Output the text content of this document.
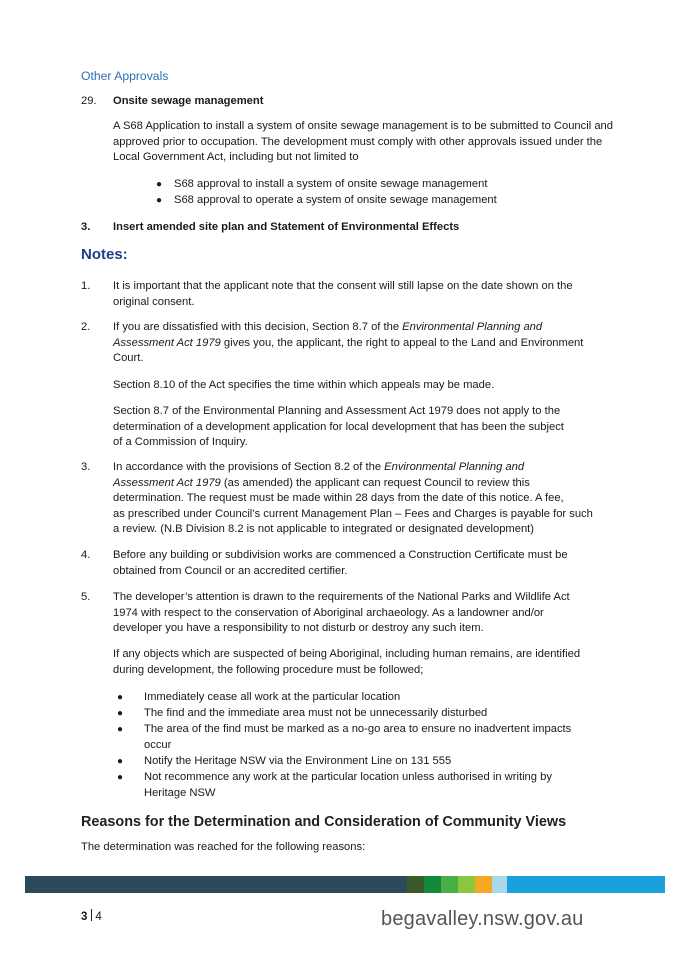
Other Approvals
29. Onsite sewage management
A S68 Application to install a system of onsite sewage management is to be submitted to Council and
approved prior to occupation. The development must comply with other approvals issued under the
Local Government Act, including but not limited to
● S68 approval to install a system of onsite sewage management
● S68 approval to operate a system of onsite sewage management
3. Insert amended site plan and Statement of Environmental Effects
Notes:
1. It is important that the applicant note that the consent will still lapse on the date shown on the
original consent.
2. If you are dissatisfied with this decision, Section 8.7 of the Environmental Planning and
Assessment Act 1979 gives you, the applicant, the right to appeal to the Land and Environment
Court.
Section 8.10 of the Act specifies the time within which appeals may be made.
Section 8.7 of the Environmental Planning and Assessment Act 1979 does not apply to the
determination of a development application for local development that has been the subject
of a Commission of Inquiry.
3. In accordance with the provisions of Section 8.2 of the Environmental Planning and
Assessment Act 1979 (as amended) the applicant can request Council to review this
determination. The request must be made within 28 days from the date of this notice. A fee,
as prescribed under Council’s current Management Plan – Fees and Charges is payable for such
a review. (N.B Division 8.2 is not applicable to integrated or designated development)
4. Before any building or subdivision works are commenced a Construction Certificate must be
obtained from Council or an accredited certifier.
5. The developer’s attention is drawn to the requirements of the National Parks and Wildlife Act
1974 with respect to the conservation of Aboriginal archaeology. As a landowner and/or
developer you have a responsibility to not disturb or destroy any such item.
If any objects which are suspected of being Aboriginal, including human remains, are identified
during development, the following procedure must be followed;
● Immediately cease all work at the particular location
● The find and the immediate area must not be unnecessarily disturbed
● The area of the find must be marked as a no-go area to ensure no inadvertent impacts
occur
● Notify the Heritage NSW via the Environment Line on 131 555
● Not recommence any work at the particular location unless authorised in writing by
Heritage NSW
Reasons for the Determination and Consideration of Community Views
The determination was reached for the following reasons:
3 4	begavalley.nsw.gov.au
